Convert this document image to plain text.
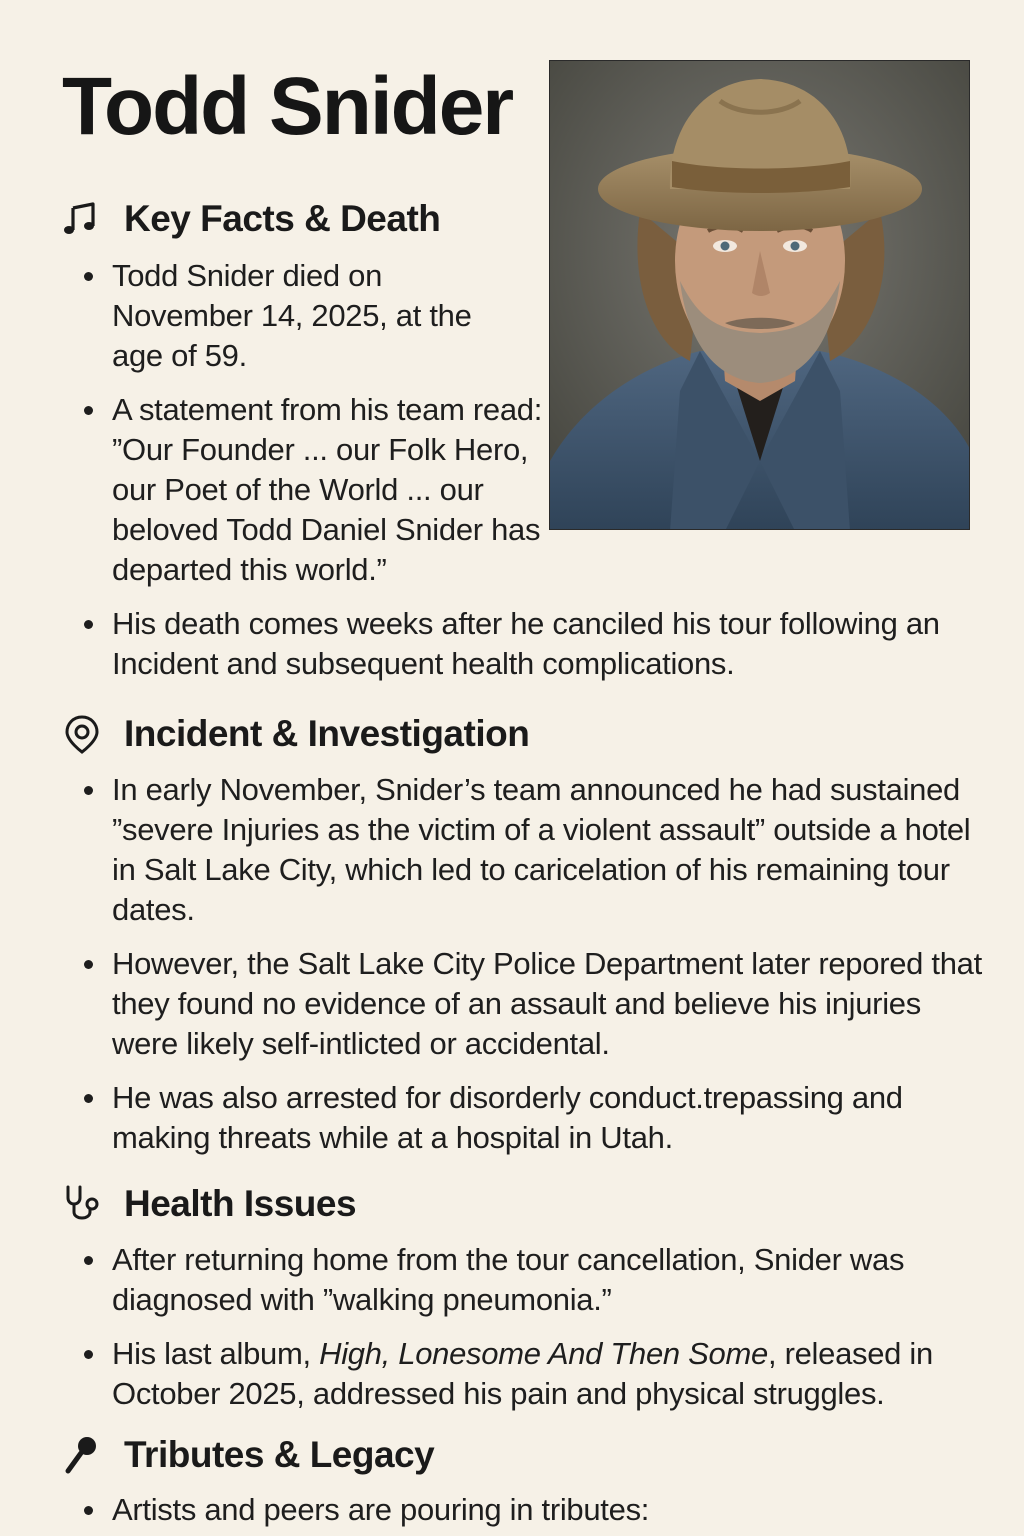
Todd Snider
Key Facts & Death
Todd Snider died on November 14, 2025, at the age of 59.
A statement from his team read: ”Our Founder ... our Folk Hero, our Poet of the World ... our beloved Todd Daniel Snider has departed this world.”
His death comes weeks after he canciled his tour following an Incident and subsequent health complications.
Incident & Investigation
In early November, Snider’s team announced he had sustained ”severe Injuries as the victim of a violent assault” outside a hotel in Salt Lake City, which led to caricelation of his remaining tour dates.
However, the Salt Lake City Police Department later repored that they found no evidence of an assault and believe his injuries were likely self-intlicted or accidental.
He was also arrested for disorderly conduct.trepassing and making threats while at a hospital in Utah.
Health Issues
After returning home from the tour cancellation, Snider was diagnosed with ”walking pneumonia.”
His last album, High, Lonesome And Then Some, released in October 2025, addressed his pain and physical struggles.
Tributes & Legacy
Artists and peers are pouring in tributes:
